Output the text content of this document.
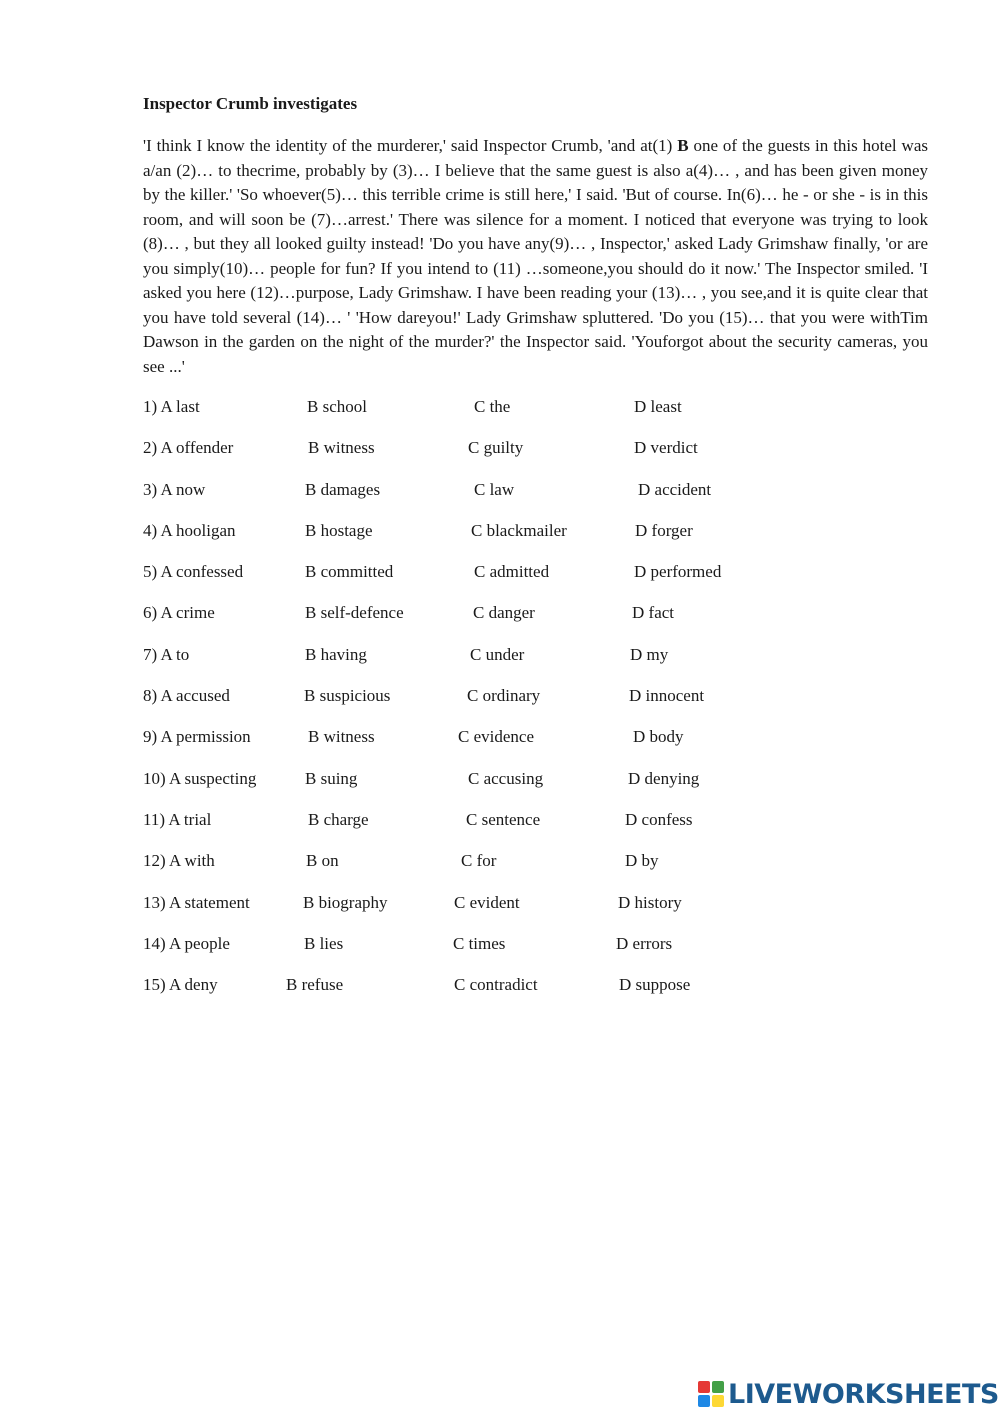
Inspector Crumb investigates

'I think I know the identity of the murderer,' said Inspector Crumb, 'and at(1) B one of the guests in this hotel was a/an (2)… to thecrime, probably by (3)… I believe that the same guest is also a(4)… , and has been given money by the killer.' 'So whoever(5)… this terrible crime is still here,' I said. 'But of course. In(6)… he - or she - is in this room, and will soon be (7)…arrest.' There was silence for a moment. I noticed that everyone was trying to look (8)… , but they all looked guilty instead! 'Do you have any(9)… , Inspector,' asked Lady Grimshaw finally, 'or are you simply(10)… people for fun? If you intend to (11) …someone,you should do it now.' The Inspector smiled. 'I asked you here (12)…purpose, Lady Grimshaw. I have been reading your (13)… , you see,and it is quite clear that you have told several (14)… ' 'How dareyou!' Lady Grimshaw spluttered. 'Do you (15)… that you were withTim Dawson in the garden on the night of the murder?' the Inspector said. 'Youforgot about the security cameras, you see ...'

1) A last	B school	C the	D least
2) A offender	B witness	C guilty	D verdict
3) A now	B damages	C law	D accident
4) A hooligan	B hostage	C blackmailer	D forger
5) A confessed	B committed	C admitted	D performed
6) A crime	B self-defence	C danger	D fact
7) A to	B having	C under	D my
8) A accused	B suspicious	C ordinary	D innocent
9) A permission	B witness	C evidence	D body
10) A suspecting	B suing	C accusing	D denying
11) A trial	B charge	C sentence	D confess
12) A with	B on	C for	D by
13) A statement	B biography	C evident	D history
14) A people	B lies	C times	D errors
15) A deny	B refuse	C contradict	D suppose
LIVEWORKSHEETS
